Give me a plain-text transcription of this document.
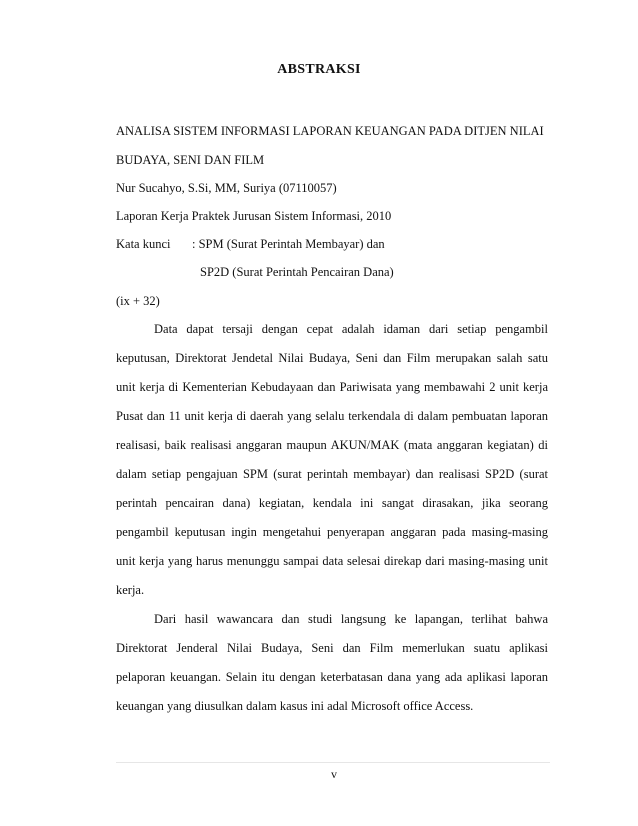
ABSTRAKSI
ANALISA SISTEM INFORMASI LAPORAN KEUANGAN PADA DITJEN NILAI
BUDAYA, SENI DAN FILM
Nur Sucahyo, S.Si, MM, Suriya (07110057)
Laporan Kerja Praktek Jurusan Sistem Informasi, 2010
Kata kunci : SPM (Surat Perintah Membayar) dan
SP2D (Surat Perintah Pencairan Dana)
(ix + 32)
Data dapat tersaji dengan cepat adalah idaman dari setiap pengambil
keputusan, Direktorat Jendetal Nilai Budaya, Seni dan Film merupakan salah satu
unit kerja di Kementerian Kebudayaan dan Pariwisata yang membawahi 2 unit kerja
Pusat dan 11 unit kerja di daerah yang selalu terkendala di dalam pembuatan laporan
realisasi, baik realisasi anggaran maupun AKUN/MAK (mata anggaran kegiatan) di
dalam setiap pengajuan SPM (surat perintah membayar) dan realisasi SP2D (surat
perintah pencairan dana) kegiatan, kendala ini sangat dirasakan, jika seorang
pengambil keputusan ingin mengetahui penyerapan anggaran pada masing-masing
unit kerja yang harus menunggu sampai data selesai direkap dari masing-masing unit
kerja.
Dari hasil wawancara dan studi langsung ke lapangan, terlihat bahwa
Direktorat Jenderal Nilai Budaya, Seni dan Film memerlukan suatu aplikasi
pelaporan keuangan. Selain itu dengan keterbatasan dana yang ada aplikasi laporan
keuangan yang diusulkan dalam kasus ini adal Microsoft office Access.
v
